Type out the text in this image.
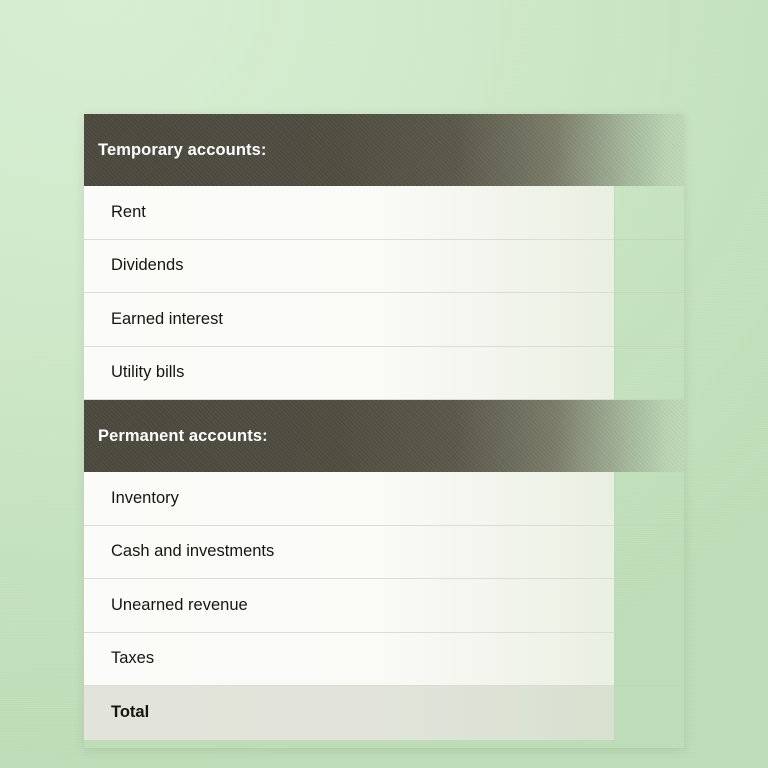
Temporary accounts:
Rent
Dividends
Earned interest
Utility bills
Permanent accounts:
Inventory
Cash and investments
Unearned revenue
Taxes
Total
